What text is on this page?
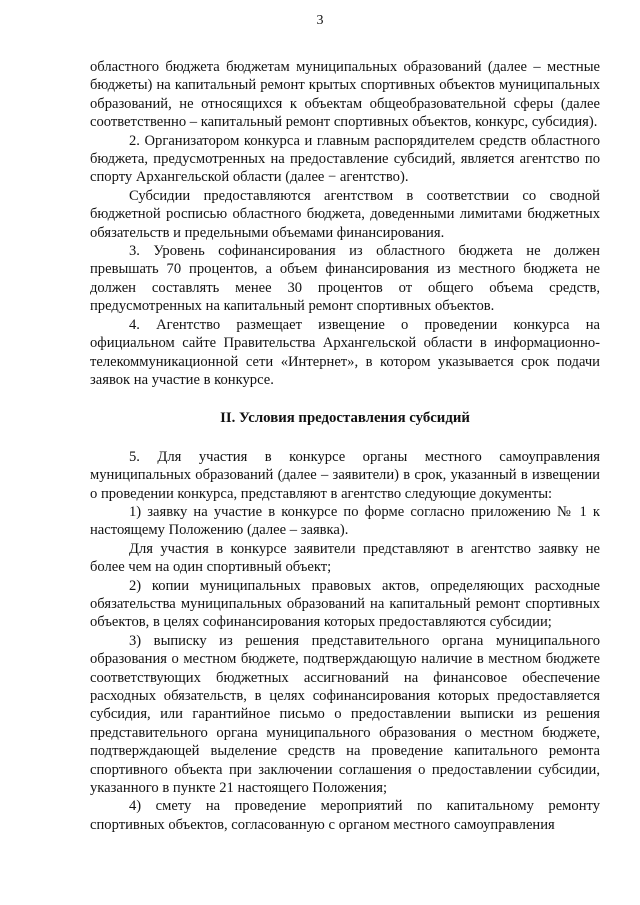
3

областного бюджета бюджетам муниципальных образований (далее – местные бюджеты) на капитальный ремонт крытых спортивных объектов муниципальных образований, не относящихся к объектам общеобразовательной сферы (далее соответственно – капитальный ремонт спортивных объектов, конкурс, субсидия).

2. Организатором конкурса и главным распорядителем средств областного бюджета, предусмотренных на предоставление субсидий, является агентство по спорту Архангельской области (далее − агентство).

Субсидии предоставляются агентством в соответствии со сводной бюджетной росписью областного бюджета, доведенными лимитами бюджетных обязательств и предельными объемами финансирования.

3. Уровень софинансирования из областного бюджета не должен превышать 70 процентов, а объем финансирования из местного бюджета не должен составлять менее 30 процентов от общего объема средств, предусмотренных на капитальный ремонт спортивных объектов.

4. Агентство размещает извещение о проведении конкурса на официальном сайте Правительства Архангельской области в информационно-телекоммуникационной сети «Интернет», в котором указывается срок подачи заявок на участие в конкурсе.

II. Условия предоставления субсидий

5. Для участия в конкурсе органы местного самоуправления муниципальных образований (далее – заявители) в срок, указанный в извещении о проведении конкурса, представляют в агентство следующие документы:

1) заявку на участие в конкурсе по форме согласно приложению № 1 к настоящему Положению (далее – заявка).

Для участия в конкурсе заявители представляют в агентство заявку не более чем на один спортивный объект;

2) копии муниципальных правовых актов, определяющих расходные обязательства муниципальных образований на капитальный ремонт спортивных объектов, в целях софинансирования которых предоставляются субсидии;

3) выписку из решения представительного органа муниципального образования о местном бюджете, подтверждающую наличие в местном бюджете соответствующих бюджетных ассигнований на финансовое обеспечение расходных обязательств, в целях софинансирования которых предоставляется субсидия, или гарантийное письмо о предоставлении выписки из решения представительного органа муниципального образования о местном бюджете, подтверждающей выделение средств на проведение капитального ремонта спортивного объекта при заключении соглашения о предоставлении субсидии, указанного в пункте 21 настоящего Положения;

4) смету на проведение мероприятий по капитальному ремонту спортивных объектов, согласованную с органом местного самоуправления
